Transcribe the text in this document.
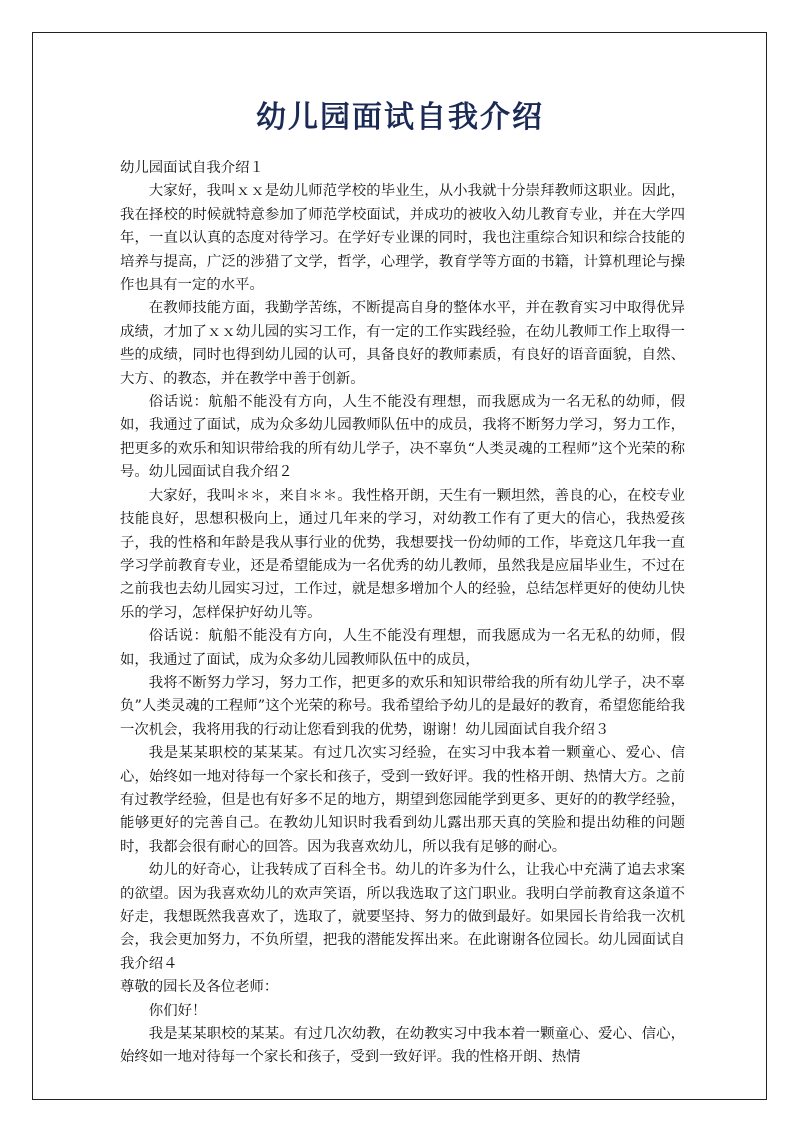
幼儿园面试自我介绍

幼儿园面试自我介绍１

大家好，我叫ｘｘ是幼儿师范学校的毕业生，从小我就十分崇拜教师这职业。因此，我在择校的时候就特意参加了师范学校面试，并成功的被收入幼儿教育专业，并在大学四年，一直以认真的态度对待学习。在学好专业课的同时，我也注重综合知识和综合技能的培养与提高，广泛的涉猎了文学，哲学，心理学，教育学等方面的书籍，计算机理论与操作也具有一定的水平。

在教师技能方面，我勤学苦练，不断提高自身的整体水平，并在教育实习中取得优异成绩，才加了ｘｘ幼儿园的实习工作，有一定的工作实践经验，在幼儿教师工作上取得一些的成绩，同时也得到幼儿园的认可，具备良好的教师素质，有良好的语音面貌，自然、大方、的教态，并在教学中善于创新。

俗话说：航船不能没有方向，人生不能没有理想，而我愿成为一名无私的幼师，假如，我通过了面试，成为众多幼儿园教师队伍中的成员，我将不断努力学习，努力工作，把更多的欢乐和知识带给我的所有幼儿学子，决不辜负“人类灵魂的工程师”这个光荣的称号。幼儿园面试自我介绍２

大家好，我叫＊＊，来自＊＊。我性格开朗，天生有一颗坦然，善良的心，在校专业技能良好，思想积极向上，通过几年来的学习，对幼教工作有了更大的信心，我热爱孩子，我的性格和年龄是我从事行业的优势，我想要找一份幼师的工作，毕竟这几年我一直学习学前教育专业，还是希望能成为一名优秀的幼儿教师，虽然我是应届毕业生，不过在之前我也去幼儿园实习过，工作过，就是想多增加个人的经验，总结怎样更好的使幼儿快乐的学习，怎样保护好幼儿等。

俗话说：航船不能没有方向，人生不能没有理想，而我愿成为一名无私的幼师，假如，我通过了面试，成为众多幼儿园教师队伍中的成员，

我将不断努力学习，努力工作，把更多的欢乐和知识带给我的所有幼儿学子，决不辜负”人类灵魂的工程师”这个光荣的称号。我希望给予幼儿的是最好的教育，希望您能给我一次机会，我将用我的行动让您看到我的优势，谢谢！幼儿园面试自我介绍３

我是某某职校的某某某。有过几次实习经验，在实习中我本着一颗童心、爱心、信心，始终如一地对待每一个家长和孩子，受到一致好评。我的性格开朗、热情大方。之前有过教学经验，但是也有好多不足的地方，期望到您园能学到更多、更好的的教学经验，能够更好的完善自己。在教幼儿知识时我看到幼儿露出那天真的笑脸和提出幼稚的问题时，我都会很有耐心的回答。因为我喜欢幼儿，所以我有足够的耐心。

幼儿的好奇心，让我转成了百科全书。幼儿的许多为什么，让我心中充满了追去求案的欲望。因为我喜欢幼儿的欢声笑语，所以我选取了这门职业。我明白学前教育这条道不好走，我想既然我喜欢了，选取了，就要坚持、努力的做到最好。如果园长肯给我一次机会，我会更加努力，不负所望，把我的潜能发挥出来。在此谢谢各位园长。幼儿园面试自我介绍４

尊敬的园长及各位老师：

你们好！

我是某某职校的某某。有过几次幼教，在幼教实习中我本着一颗童心、爱心、信心，始终如一地对待每一个家长和孩子，受到一致好评。我的性格开朗、热情
